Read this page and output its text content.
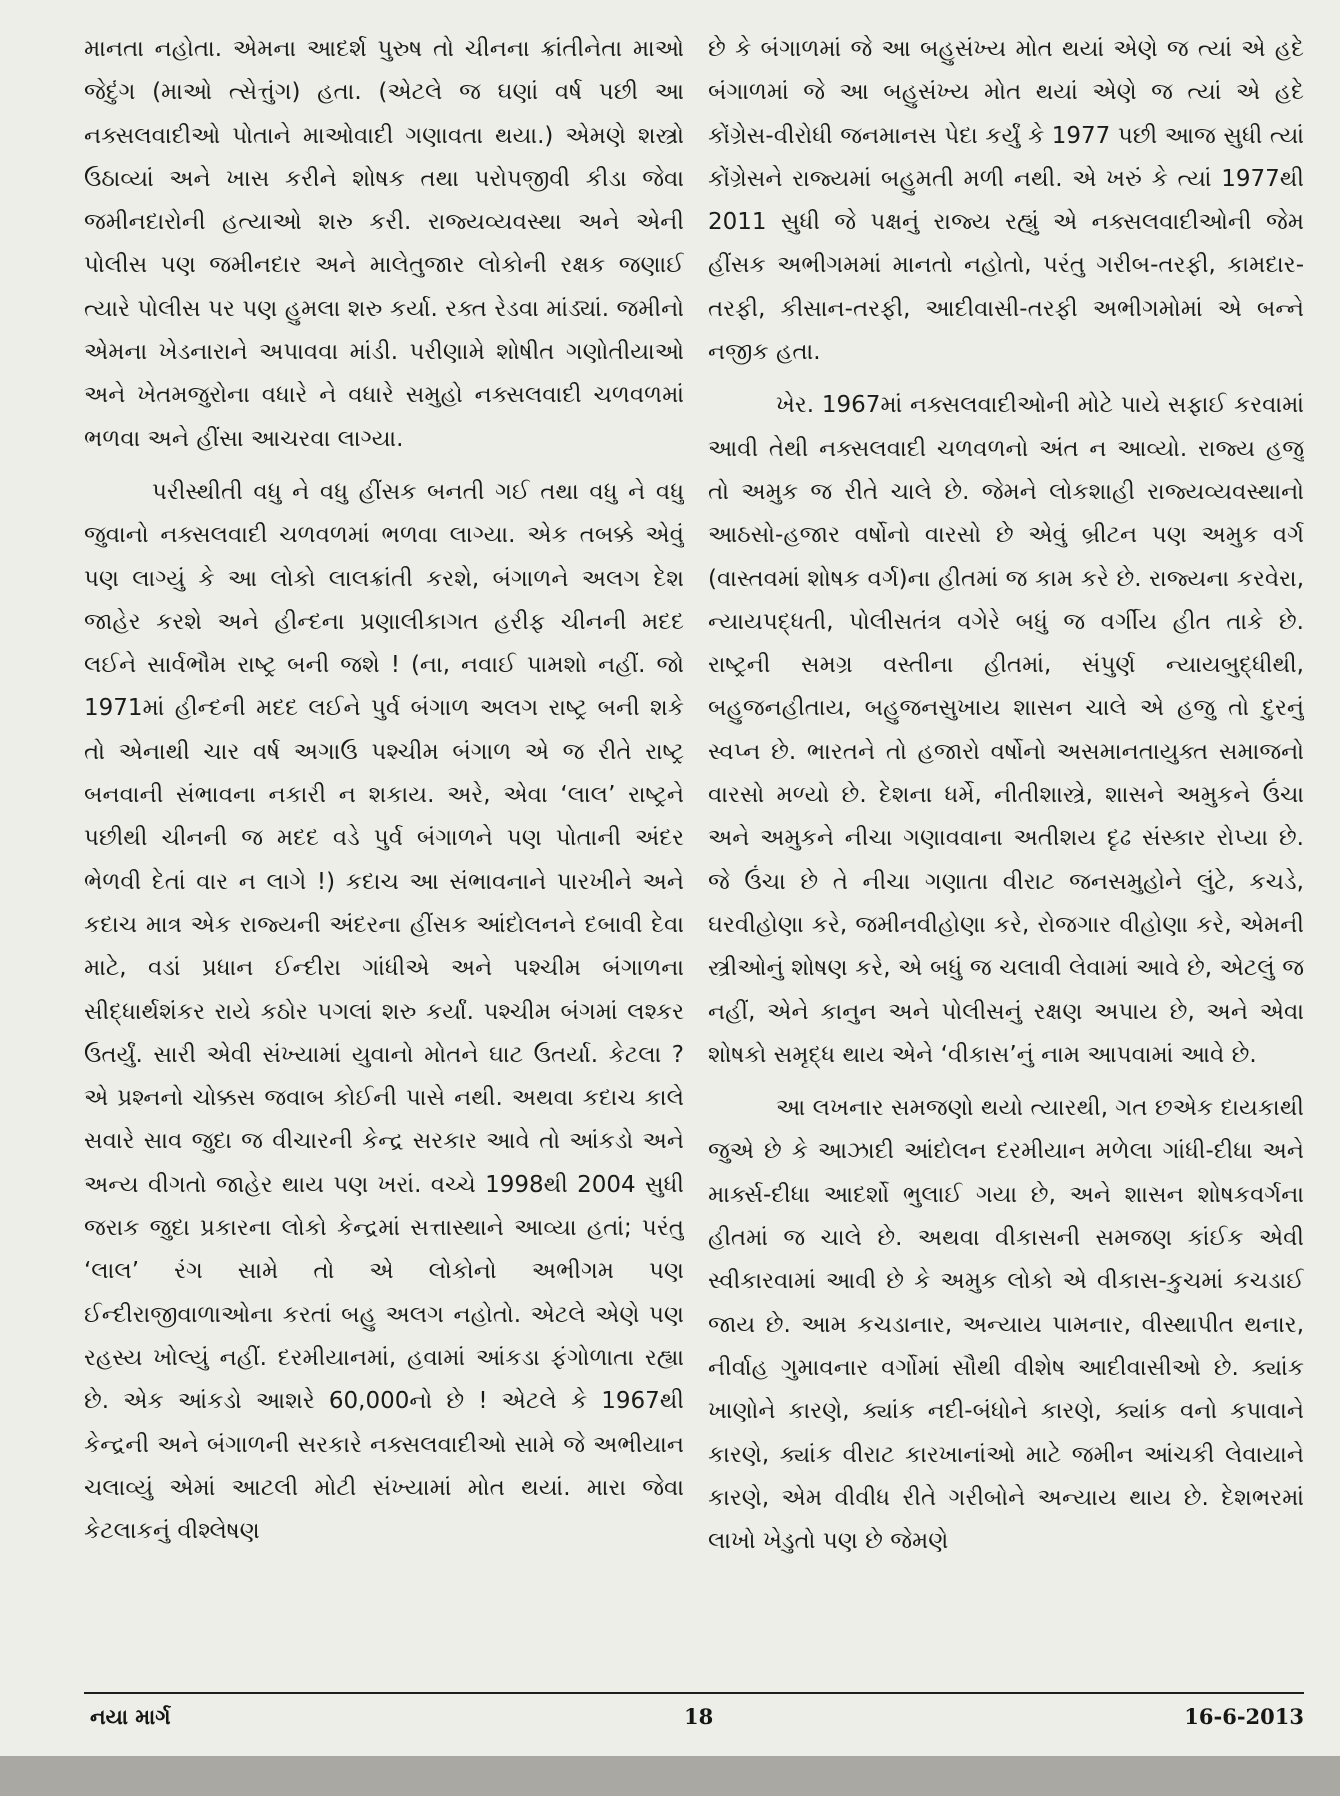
માનતા નહોતા. એમના આદર્શ પુરુષ તો ચીનના ક્રાંતીનેતા માઓ જેદુંગ (માઓ ત્સેત્તુંગ) હતા. (એટલે જ ઘણાં વર્ષ પછી આ નક્સલવાદીઓ પોતાને માઓવાદી ગણાવતા થયા.) એમણે શસ્ત્રો ઉઠાવ્યાં અને ખાસ કરીને શોષક તથા પરોપજીવી કીડા જેવા જમીનદારોની હત્યાઓ શરુ કરી. રાજ્યવ્યવસ્થા અને એની પોલીસ પણ જમીનદાર અને માલેતુજાર લોકોની રક્ષક જણાઈ ત્યારે પોલીસ પર પણ હુમલા શરુ કર્યા. રક્ત રેડવા માંડ્યાં. જમીનો એમના ખેડનારાને અપાવવા માંડી. પરીણામે શોષીત ગણોતીયાઓ અને ખેતમજુરોના વધારે ને વધારે સમુહો નક્સલવાદી ચળવળમાં ભળવા અને હીંસા આચરવા લાગ્યા.

પરીસ્થીતી વધુ ને વધુ હીંસક બનતી ગઈ તથા વધુ ને વધુ જુવાનો નક્સલવાદી ચળવળમાં ભળવા લાગ્યા. એક તબક્કે એવું પણ લાગ્યું કે આ લોકો લાલક્રાંતી કરશે, બંગાળને અલગ દેશ જાહેર કરશે અને હીન્દના પ્રણાલીકાગત હરીફ ચીનની મદદ લઈને સાર્વભૌમ રાષ્ટ્ર બની જશે ! (ના, નવાઈ પામશો નહીં. જો 1971માં હીન્દની મદદ લઈને પુર્વ બંગાળ અલગ રાષ્ટ્ર બની શકે તો એનાથી ચાર વર્ષ અગાઉ પશ્ચીમ બંગાળ એ જ રીતે રાષ્ટ્ર બનવાની સંભાવના નકારી ન શકાય. અરે, એવા ‘લાલ’ રાષ્ટ્રને પછીથી ચીનની જ મદદ વડે પુર્વ બંગાળને પણ પોતાની અંદર ભેળવી દેતાં વાર ન લાગે !) કદાચ આ સંભાવનાને પારખીને અને કદાચ માત્ર એક રાજ્યની અંદરના હીંસક આંદોલનને દબાવી દેવા માટે, વડાં પ્રધાન ઈન્દીરા ગાંધીએ અને પશ્ચીમ બંગાળના સીદ્ધાર્થશંકર રાયે કઠોર પગલાં શરુ કર્યાં. પશ્ચીમ બંગમાં લશ્કર ઉતર્યું. સારી એવી સંખ્યામાં યુવાનો મોતને ઘાટ ઉતર્યા. કેટલા ? એ પ્રશ્નનો ચોક્કસ જવાબ કોઈની પાસે નથી. અથવા કદાચ કાલે સવારે સાવ જુદા જ વીચારની કેન્દ્ર સરકાર આવે તો આંકડો અને અન્ય વીગતો જાહેર થાય પણ ખરાં. વચ્ચે 1998થી 2004 સુધી જરાક જુદા પ્રકારના લોકો કેન્દ્રમાં સત્તાસ્થાને આવ્યા હતાં; પરંતુ ‘લાલ’ રંગ સામે તો એ લોકોનો અભીગમ પણ ઈન્દીરાજીવાળાઓના કરતાં બહુ અલગ નહોતો. એટલે એણે પણ રહસ્ય ખોલ્યું નહીં. દરમીયાનમાં, હવામાં આંકડા ફંગોળાતા રહ્યા છે. એક આંકડો આશરે 60,000નો છે ! એટલે કે 1967થી કેન્દ્રની અને બંગાળની સરકારે નક્સલવાદીઓ સામે જે અભીયાન ચલાવ્યું એમાં આટલી મોટી સંખ્યામાં મોત થયાં. મારા જેવા કેટલાકનું વીશ્લેષણ

છે કે બંગાળમાં જે આ બહુસંખ્ય મોત થયાં એણે જ ત્યાં એ હદે બંગાળમાં જે આ બહુસંખ્ય મોત થયાં એણે જ ત્યાં એ હદે કોંગ્રેસ-વીરોધી જનમાનસ પેદા કર્યું કે 1977 પછી આજ સુધી ત્યાં કોંગ્રેસને રાજ્યમાં બહુમતી મળી નથી. એ ખરું કે ત્યાં 1977થી 2011 સુધી જે પક્ષનું રાજ્ય રહ્યું એ નક્સલવાદીઓની જેમ હીંસક અભીગમમાં માનતો નહોતો, પરંતુ ગરીબ-તરફી, કામદાર-તરફી, કીસાન-તરફી, આદીવાસી-તરફી અભીગમોમાં એ બન્ને નજીક હતા.

ખેર. 1967માં નક્સલવાદીઓની મોટે પાયે સફાઈ કરવામાં આવી તેથી નક્સલવાદી ચળવળનો અંત ન આવ્યો. રાજ્ય હજુ તો અમુક જ રીતે ચાલે છે. જેમને લોકશાહી રાજ્યવ્યવસ્થાનો આઠસો-હજાર વર્ષોનો વારસો છે એવું બ્રીટન પણ અમુક વર્ગ (વાસ્તવમાં શોષક વર્ગ)ના હીતમાં જ કામ કરે છે. રાજ્યના કરવેરા, ન્યાયપદ્ધતી, પોલીસતંત્ર વગેરે બધું જ વર્ગીય હીત તાકે છે. રાષ્ટ્રની સમગ્ર વસ્તીના હીતમાં, સંપુર્ણ ન્યાયબુદ્ધીથી, બહુજનહીતાય, બહુજનસુખાય શાસન ચાલે એ હજુ તો દુરનું સ્વપ્ન છે. ભારતને તો હજારો વર્ષોનો અસમાનતાયુક્ત સમાજનો વારસો મળ્યો છે. દેશના ધર્મે, નીતીશાસ્ત્રે, શાસને અમુકને ઉંચા અને અમુકને નીચા ગણાવવાના અતીશય દૃઢ સંસ્કાર રોપ્યા છે. જે ઉંચા છે તે નીચા ગણાતા વીરાટ જનસમુહોને લુંટે, કચડે, ઘરવીહોણા કરે, જમીનવીહોણા કરે, રોજગાર વીહોણા કરે, એમની સ્ત્રીઓનું શોષણ કરે, એ બધું જ ચલાવી લેવામાં આવે છે, એટલું જ નહીં, એને કાનુન અને પોલીસનું રક્ષણ અપાય છે, અને એવા શોષકો સમૃદ્ધ થાય એને ‘વીકાસ’નું નામ આપવામાં આવે છે.

આ લખનાર સમજણો થયો ત્યારથી, ગત છએક દાયકાથી જુએ છે કે આઝાદી આંદોલન દરમીયાન મળેલા ગાંધી-દીધા અને માર્ક્સ-દીધા આદર્શો ભુલાઈ ગયા છે, અને શાસન શોષકવર્ગના હીતમાં જ ચાલે છે. અથવા વીકાસની સમજણ કાંઈક એવી સ્વીકારવામાં આવી છે કે અમુક લોકો એ વીકાસ-કુચમાં કચડાઈ જાય છે. આમ કચડાનાર, અન્યાય પામનાર, વીસ્થાપીત થનાર, નીર્વાહ ગુમાવનાર વર્ગોમાં સૌથી વીશેષ આદીવાસીઓ છે. ક્યાંક ખાણોને કારણે, ક્યાંક નદી-બંધોને કારણે, ક્યાંક વનો કપાવાને કારણે, ક્યાંક વીરાટ કારખાનાંઓ માટે જમીન આંચકી લેવાયાને કારણે, એમ વીવીધ રીતે ગરીબોને અન્યાય થાય છે. દેશભરમાં લાખો ખેડુતો પણ છે જેમણે

નયા માર્ગ	18	16-6-2013
